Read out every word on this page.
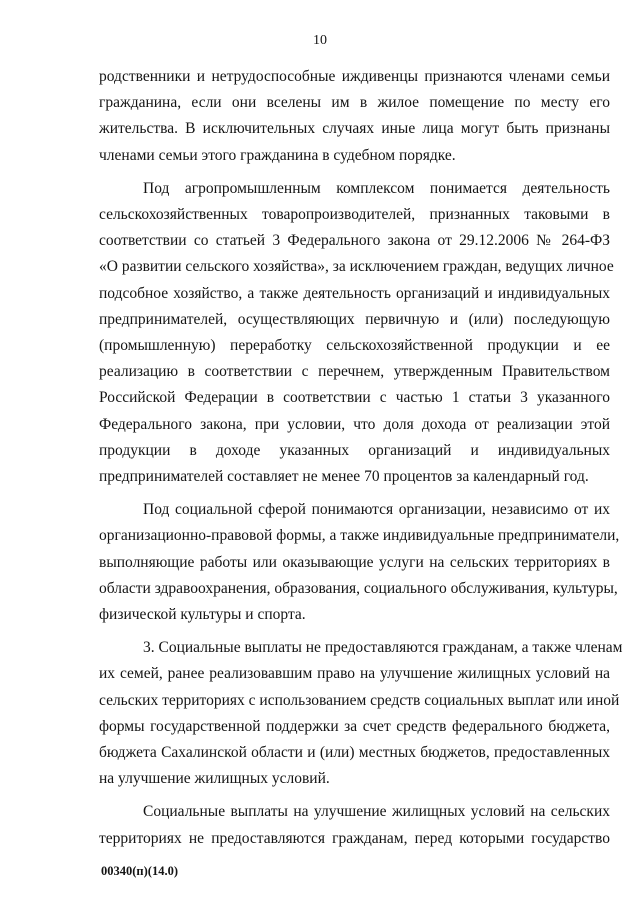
10

родственники и нетрудоспособные иждивенцы признаются членами семьи
гражданина, если они вселены им в жилое помещение по месту его
жительства. В исключительных случаях иные лица могут быть признаны
членами семьи этого гражданина в судебном порядке.

Под агропромышленным комплексом понимается деятельность
сельскохозяйственных товаропроизводителей, признанных таковыми в
соответствии со статьей 3 Федерального закона от 29.12.2006 № 264-ФЗ
«О развитии сельского хозяйства», за исключением граждан, ведущих личное
подсобное хозяйство, а также деятельность организаций и индивидуальных
предпринимателей, осуществляющих первичную и (или) последующую
(промышленную) переработку сельскохозяйственной продукции и ее
реализацию в соответствии с перечнем, утвержденным Правительством
Российской Федерации в соответствии с частью 1 статьи 3 указанного
Федерального закона, при условии, что доля дохода от реализации этой
продукции в доходе указанных организаций и индивидуальных
предпринимателей составляет не менее 70 процентов за календарный год.

Под социальной сферой понимаются организации, независимо от их
организационно-правовой формы, а также индивидуальные предприниматели,
выполняющие работы или оказывающие услуги на сельских территориях в
области здравоохранения, образования, социального обслуживания, культуры,
физической культуры и спорта.

3. Социальные выплаты не предоставляются гражданам, а также членам
их семей, ранее реализовавшим право на улучшение жилищных условий на
сельских территориях с использованием средств социальных выплат или иной
формы государственной поддержки за счет средств федерального бюджета,
бюджета Сахалинской области и (или) местных бюджетов, предоставленных
на улучшение жилищных условий.

Социальные выплаты на улучшение жилищных условий на сельских
территориях не предоставляются гражданам, перед которыми государство

00340(п)(14.0)
